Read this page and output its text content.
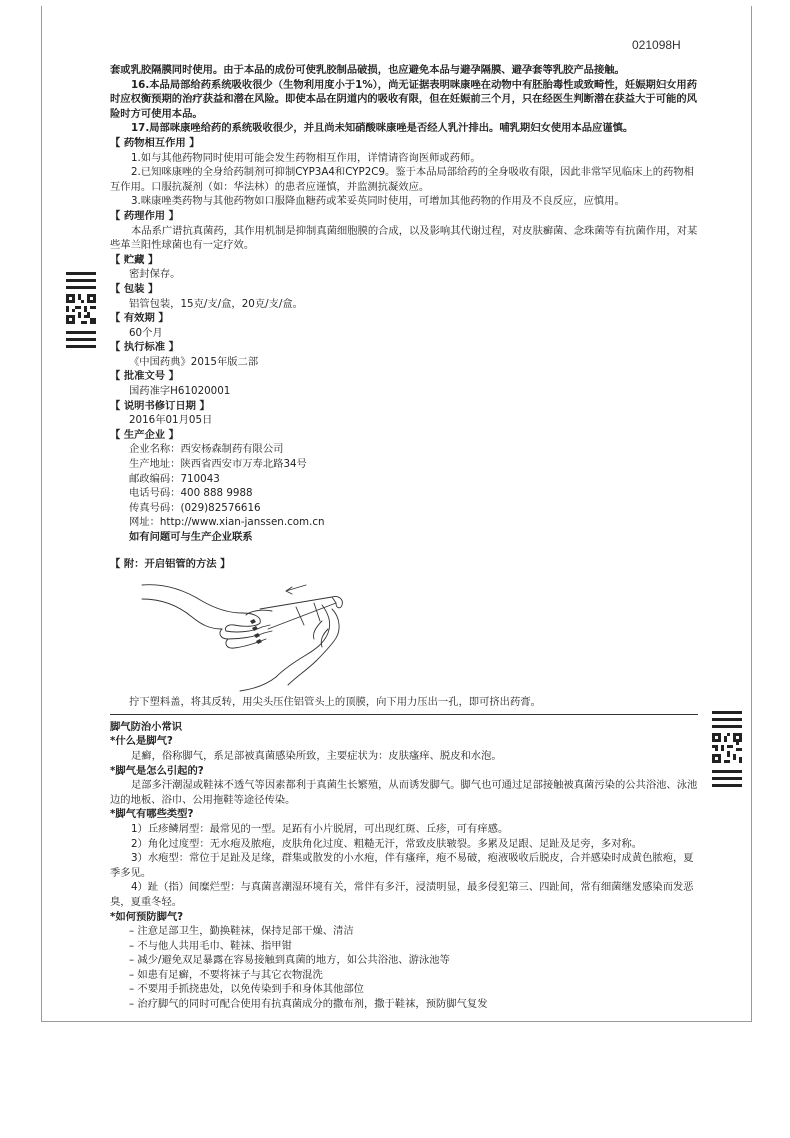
021098H

套或乳胶隔膜同时使用。由于本品的成份可使乳胶制品破损，也应避免本品与避孕隔膜、避孕套等乳胶产品接触。

16.本品局部给药系统吸收很少（生物利用度小于1%），尚无证据表明咪康唑在动物中有胚胎毒性或致畸性，妊娠期妇女用药时应权衡预期的治疗获益和潜在风险。即使本品在阴道内的吸收有限，但在妊娠前三个月，只在经医生判断潜在获益大于可能的风险时方可使用本品。

17.局部咪康唑给药的系统吸收很少，并且尚未知硝酸咪康唑是否经人乳汁排出。哺乳期妇女使用本品应谨慎。

【 药物相互作用 】

1.如与其他药物同时使用可能会发生药物相互作用，详情请咨询医师或药师。

2.已知咪康唑的全身给药制剂可抑制CYP3A4和CYP2C9。鉴于本品局部给药的全身吸收有限，因此非常罕见临床上的药物相互作用。口服抗凝剂（如：华法林）的患者应谨慎，并监测抗凝效应。

3.咪康唑类药物与其他药物如口服降血糖药或苯妥英同时使用，可增加其他药物的作用及不良反应，应慎用。

【 药理作用 】

本品系广谱抗真菌药，其作用机制是抑制真菌细胞膜的合成，以及影响其代谢过程，对皮肤癣菌、念珠菌等有抗菌作用，对某些革兰阳性球菌也有一定疗效。

【 贮藏 】

密封保存。

【 包装 】

铝管包装，15克/支/盒，20克/支/盒。

【 有效期 】

60个月

【 执行标准 】

《中国药典》2015年版二部

【 批准文号 】

国药准字H61020001

【 说明书修订日期 】

2016年01月05日

【 生产企业 】

企业名称：西安杨森制药有限公司

生产地址：陕西省西安市万寿北路34号

邮政编码：710043

电话号码：400 888 9988

传真号码：(029)82576616

网址：http://www.xian-janssen.com.cn

如有问题可与生产企业联系

【 附：开启铝管的方法 】

拧下塑料盖，将其反转，用尖头压住铝管头上的顶膜，向下用力压出一孔，即可挤出药膏。

脚气防治小常识

*什么是脚气?

足癣，俗称脚气，系足部被真菌感染所致，主要症状为：皮肤瘙痒、脱皮和水泡。

*脚气是怎么引起的?

足部多汗潮湿或鞋袜不透气等因素都利于真菌生长繁殖，从而诱发脚气。脚气也可通过足部接触被真菌污染的公共浴池、泳池边的地板、浴巾、公用拖鞋等途径传染。

*脚气有哪些类型?

1）丘疹鳞屑型：最常见的一型。足跖有小片脱屑，可出现红斑、丘疹，可有痒感。

2）角化过度型：无水疱及脓疱，皮肤角化过度、粗糙无汗，常致皮肤皲裂。多累及足跟、足趾及足旁，多对称。

3）水疱型：常位于足趾及足缘，群集或散发的小水疱，伴有瘙痒，疱不易破，疱液吸收后脱皮，合并感染时成黄色脓疱，夏季多见。

4）趾（指）间糜烂型：与真菌喜潮湿环境有关，常伴有多汗，浸渍明显，最多侵犯第三、四趾间，常有细菌继发感染而发恶臭，夏重冬轻。

*如何预防脚气?

– 注意足部卫生，勤换鞋袜，保持足部干燥、清洁

– 不与他人共用毛巾、鞋袜、指甲钳

– 减少/避免双足暴露在容易接触到真菌的地方，如公共浴池、游泳池等

– 如患有足癣，不要将袜子与其它衣物混洗

– 不要用手抓挠患处，以免传染到手和身体其他部位

– 治疗脚气的同时可配合使用有抗真菌成分的撒布剂，撒于鞋袜，预防脚气复发
